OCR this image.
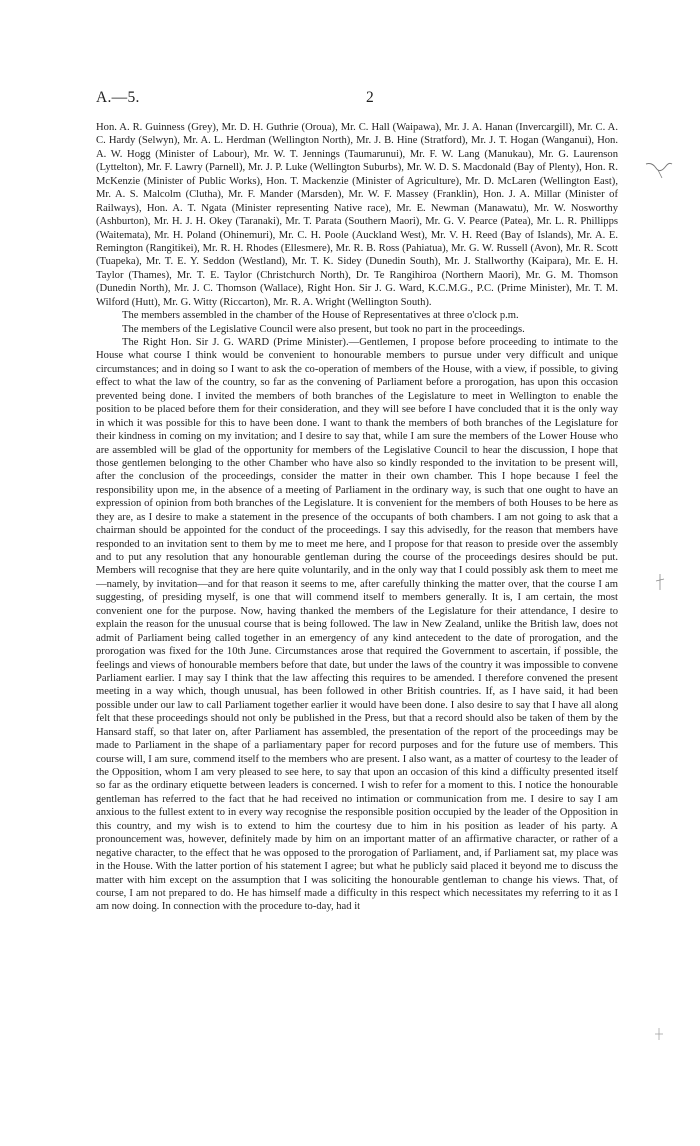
A.—5.	2

Hon. A. R. Guinness (Grey), Mr. D. H. Guthrie (Oroua), Mr. C. Hall (Waipawa), Mr. J. A. Hanan (Invercargill), Mr. C. A. C. Hardy (Selwyn), Mr. A. L. Herdman (Wellington North), Mr. J. B. Hine (Stratford), Mr. J. T. Hogan (Wanganui), Hon. A. W. Hogg (Minister of Labour), Mr. W. T. Jennings (Taumarunui), Mr. F. W. Lang (Manukau), Mr. G. Laurenson (Lyttelton), Mr. F. Lawry (Parnell), Mr. J. P. Luke (Wellington Suburbs), Mr. W. D. S. Macdonald (Bay of Plenty), Hon. R. McKenzie (Minister of Public Works), Hon. T. Mackenzie (Minister of Agriculture), Mr. D. McLaren (Wellington East), Mr. A. S. Malcolm (Clutha), Mr. F. Mander (Marsden), Mr. W. F. Massey (Franklin), Hon. J. A. Millar (Minister of Railways), Hon. A. T. Ngata (Minister representing Native race), Mr. E. Newman (Manawatu), Mr. W. Nosworthy (Ashburton), Mr. H. J. H. Okey (Taranaki), Mr. T. Parata (Southern Maori), Mr. G. V. Pearce (Patea), Mr. L. R. Phillipps (Waitemata), Mr. H. Poland (Ohinemuri), Mr. C. H. Poole (Auckland West), Mr. V. H. Reed (Bay of Islands), Mr. A. E. Remington (Rangitikei), Mr. R. H. Rhodes (Ellesmere), Mr. R. B. Ross (Pahiatua), Mr. G. W. Russell (Avon), Mr. R. Scott (Tuapeka), Mr. T. E. Y. Seddon (Westland), Mr. T. K. Sidey (Dunedin South), Mr. J. Stallworthy (Kaipara), Mr. E. H. Taylor (Thames), Mr. T. E. Taylor (Christchurch North), Dr. Te Rangihiroa (Northern Maori), Mr. G. M. Thomson (Dunedin North), Mr. J. C. Thomson (Wallace), Right Hon. Sir J. G. Ward, K.C.M.G., P.C. (Prime Minister), Mr. T. M. Wilford (Hutt), Mr. G. Witty (Riccarton), Mr. R. A. Wright (Wellington South).

The members assembled in the chamber of the House of Representatives at three o'clock p.m.

The members of the Legislative Council were also present, but took no part in the proceedings.

The Right Hon. Sir J. G. WARD (Prime Minister).—Gentlemen, I propose before proceeding to intimate to the House what course I think would be convenient to honourable members to pursue under very difficult and unique circumstances; and in doing so I want to ask the co-operation of members of the House, with a view, if possible, to giving effect to what the law of the country, so far as the convening of Parliament before a prorogation, has upon this occasion prevented being done. I invited the members of both branches of the Legislature to meet in Wellington to enable the position to be placed before them for their consideration, and they will see before I have concluded that it is the only way in which it was possible for this to have been done. I want to thank the members of both branches of the Legislature for their kindness in coming on my invitation; and I desire to say that, while I am sure the members of the Lower House who are assembled will be glad of the opportunity for members of the Legislative Council to hear the discussion, I hope that those gentlemen belonging to the other Chamber who have also so kindly responded to the invitation to be present will, after the conclusion of the proceedings, consider the matter in their own chamber. This I hope because I feel the responsibility upon me, in the absence of a meeting of Parliament in the ordinary way, is such that one ought to have an expression of opinion from both branches of the Legislature. It is convenient for the members of both Houses to be here as they are, as I desire to make a statement in the presence of the occupants of both chambers. I am not going to ask that a chairman should be appointed for the conduct of the proceedings. I say this advisedly, for the reason that members have responded to an invitation sent to them by me to meet me here, and I propose for that reason to preside over the assembly and to put any resolution that any honourable gentleman during the course of the proceedings desires should be put. Members will recognise that they are here quite voluntarily, and in the only way that I could possibly ask them to meet me—namely, by invitation—and for that reason it seems to me, after carefully thinking the matter over, that the course I am suggesting, of presiding myself, is one that will commend itself to members generally. It is, I am certain, the most convenient one for the purpose. Now, having thanked the members of the Legislature for their attendance, I desire to explain the reason for the unusual course that is being followed. The law in New Zealand, unlike the British law, does not admit of Parliament being called together in an emergency of any kind antecedent to the date of prorogation, and the prorogation was fixed for the 10th June. Circumstances arose that required the Government to ascertain, if possible, the feelings and views of honourable members before that date, but under the laws of the country it was impossible to convene Parliament earlier. I may say I think that the law affecting this requires to be amended. I therefore convened the present meeting in a way which, though unusual, has been followed in other British countries. If, as I have said, it had been possible under our law to call Parliament together earlier it would have been done. I also desire to say that I have all along felt that these proceedings should not only be published in the Press, but that a record should also be taken of them by the Hansard staff, so that later on, after Parliament has assembled, the presentation of the report of the proceedings may be made to Parliament in the shape of a parliamentary paper for record purposes and for the future use of members. This course will, I am sure, commend itself to the members who are present. I also want, as a matter of courtesy to the leader of the Opposition, whom I am very pleased to see here, to say that upon an occasion of this kind a difficulty presented itself so far as the ordinary etiquette between leaders is concerned. I wish to refer for a moment to this. I notice the honourable gentleman has referred to the fact that he had received no intimation or communication from me. I desire to say I am anxious to the fullest extent to in every way recognise the responsible position occupied by the leader of the Opposition in this country, and my wish is to extend to him the courtesy due to him in his position as leader of his party. A pronouncement was, however, definitely made by him on an important matter of an affirmative character, or rather of a negative character, to the effect that he was opposed to the prorogation of Parliament, and, if Parliament sat, my place was in the House. With the latter portion of his statement I agree; but what he publicly said placed it beyond me to discuss the matter with him except on the assumption that I was soliciting the honourable gentleman to change his views. That, of course, I am not prepared to do. He has himself made a difficulty in this respect which necessitates my referring to it as I am now doing. In connection with the procedure to-day, had it
